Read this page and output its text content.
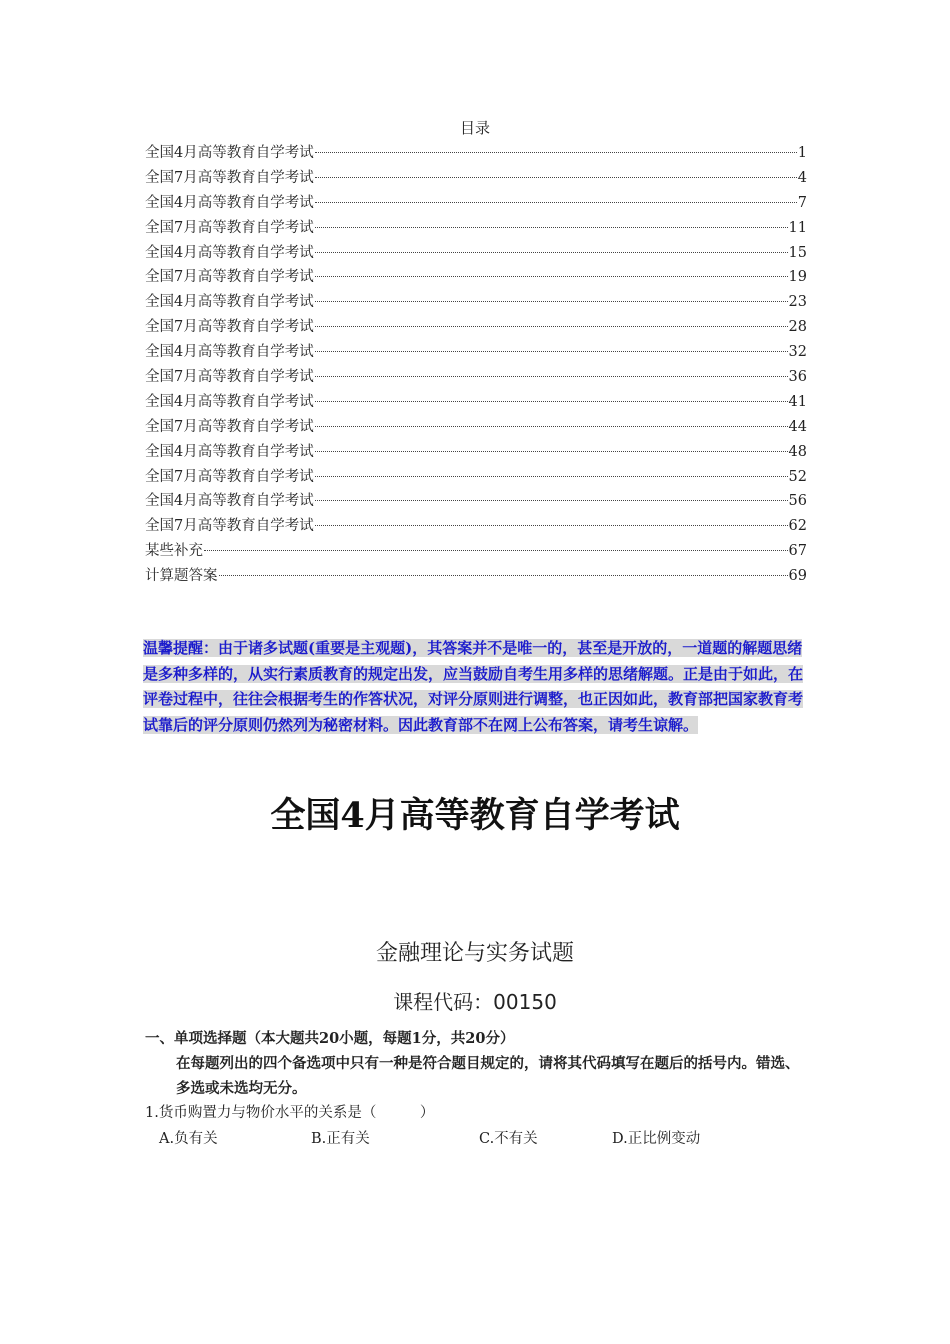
目录
全国4月高等教育自学考试	1
全国7月高等教育自学考试	4
全国4月高等教育自学考试	7
全国7月高等教育自学考试	11
全国4月高等教育自学考试	15
全国7月高等教育自学考试	19
全国4月高等教育自学考试	23
全国7月高等教育自学考试	28
全国4月高等教育自学考试	32
全国7月高等教育自学考试	36
全国4月高等教育自学考试	41
全国7月高等教育自学考试	44
全国4月高等教育自学考试	48
全国7月高等教育自学考试	52
全国4月高等教育自学考试	56
全国7月高等教育自学考试	62
某些补充	67
计算题答案	69
温馨提醒：由于诸多试题(重要是主观题)，其答案并不是唯一的，甚至是开放的，一道题的解题思绪是多种多样的，从实行素质教育的规定出发，应当鼓励自考生用多样的思绪解题。正是由于如此，在评卷过程中，往往会根据考生的作答状况，对评分原则进行调整，也正因如此，教育部把国家教育考试靠后的评分原则仍然列为秘密材料。因此教育部不在网上公布答案，请考生谅解。
全国4月高等教育自学考试
金融理论与实务试题
课程代码：00150
一、单项选择题（本大题共20小题，每题1分，共20分）
在每题列出的四个备选项中只有一种是符合题目规定的，请将其代码填写在题后的括号内。错选、多选或未选均无分。
1.货币购置力与物价水平的关系是（　　　）
A.负有关	B.正有关	C.不有关	D.正比例变动
